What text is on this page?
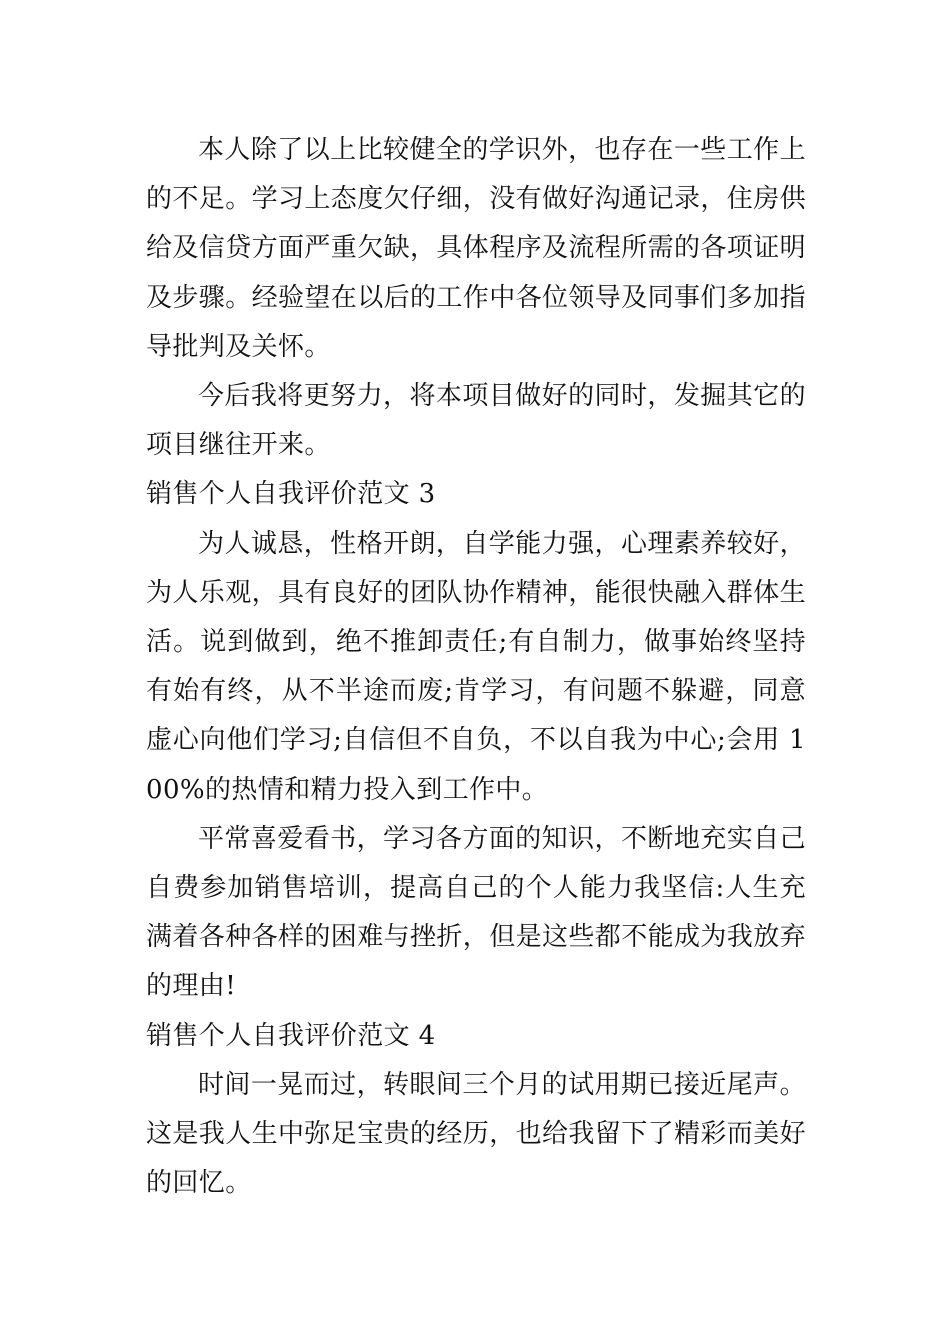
本人除了以上比较健全的学识外，也存在一些工作上的不足。学习上态度欠仔细，没有做好沟通记录，住房供给及信贷方面严重欠缺，具体程序及流程所需的各项证明及步骤。经验望在以后的工作中各位领导及同事们多加指导批判及关怀。

今后我将更努力，将本项目做好的同时，发掘其它的项目继往开来。

销售个人自我评价范文 3

为人诚恳，性格开朗，自学能力强，心理素养较好，为人乐观，具有良好的团队协作精神，能很快融入群体生活。说到做到，绝不推卸责任;有自制力，做事始终坚持有始有终，从不半途而废;肯学习，有问题不躲避，同意虚心向他们学习;自信但不自负，不以自我为中心;会用 100%的热情和精力投入到工作中。

平常喜爱看书，学习各方面的知识，不断地充实自己自费参加销售培训，提高自己的个人能力我坚信:人生充满着各种各样的困难与挫折，但是这些都不能成为我放弃的理由!

销售个人自我评价范文 4

时间一晃而过，转眼间三个月的试用期已接近尾声。这是我人生中弥足宝贵的经历，也给我留下了精彩而美好的回忆。
